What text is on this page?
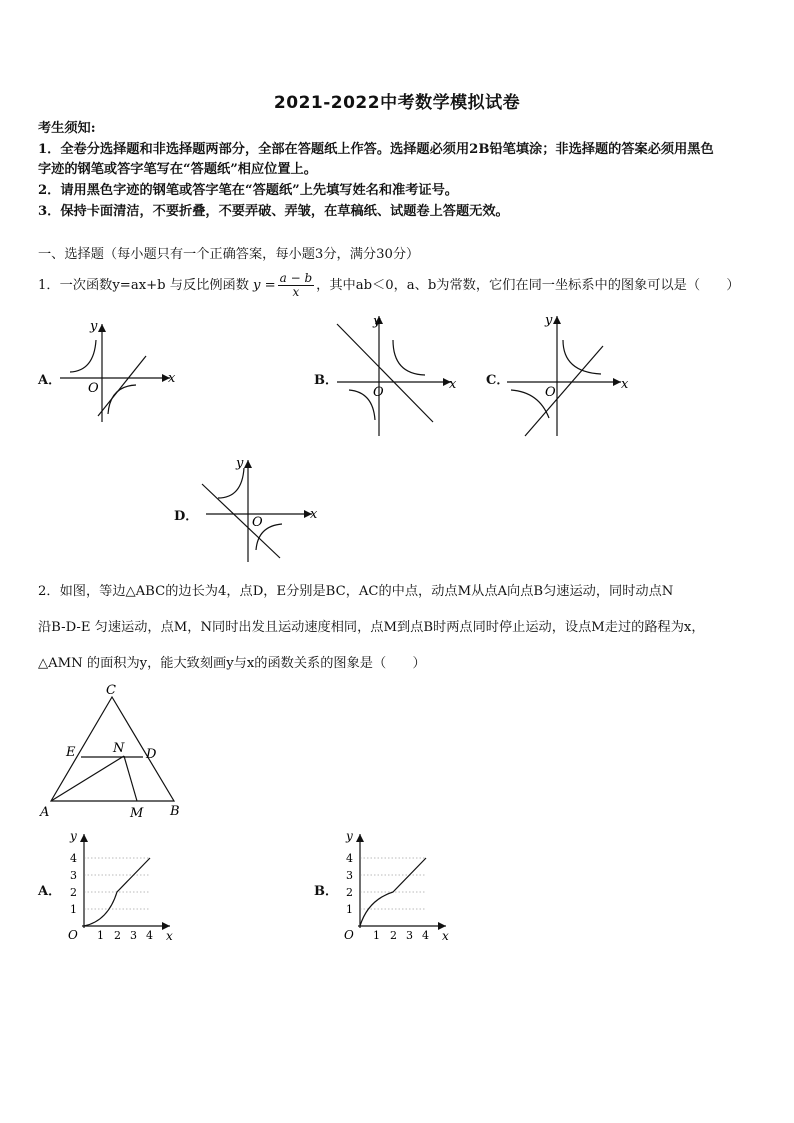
2021-2022中考数学模拟试卷
考生须知:
1．全卷分选择题和非选择题两部分，全部在答题纸上作答。选择题必须用2B铅笔填涂；非选择题的答案必须用黑色
字迹的钢笔或答字笔写在“答题纸”相应位置上。
2．请用黑色字迹的钢笔或答字笔在“答题纸”上先填写姓名和准考证号。
3．保持卡面清洁，不要折叠，不要弄破、弄皱，在草稿纸、试题卷上答题无效。
一、选择题（每小题只有一个正确答案，每小题3分，满分30分）
1．一次函数y=ax+b 与反比例函数 $y = \frac{a - b}{x}$ ，其中ab＜0，a、b为常数，它们在同一坐标系中的图象可以是（　　）
A．	B．	C．
D．
x
y
O	x
y
O
x
y
O
x
y
O
2．如图，等边△ABC的边长为4，点D，E分别是BC，AC的中点，动点M从点A向点B匀速运动，同时动点N
沿B-D-E 匀速运动，点M，N同时出发且运动速度相同，点M到点B时两点同时停止运动，设点M走过的路程为x，
△AMN 的面积为y，能大致刻画y与x的函数关系的图象是（　　）
C
E	N D
A	M B
A．	B．
y
x
O
1
2
3
4
1 2 3 4
y
x
O
1
2
3
4
1 2 3 4
